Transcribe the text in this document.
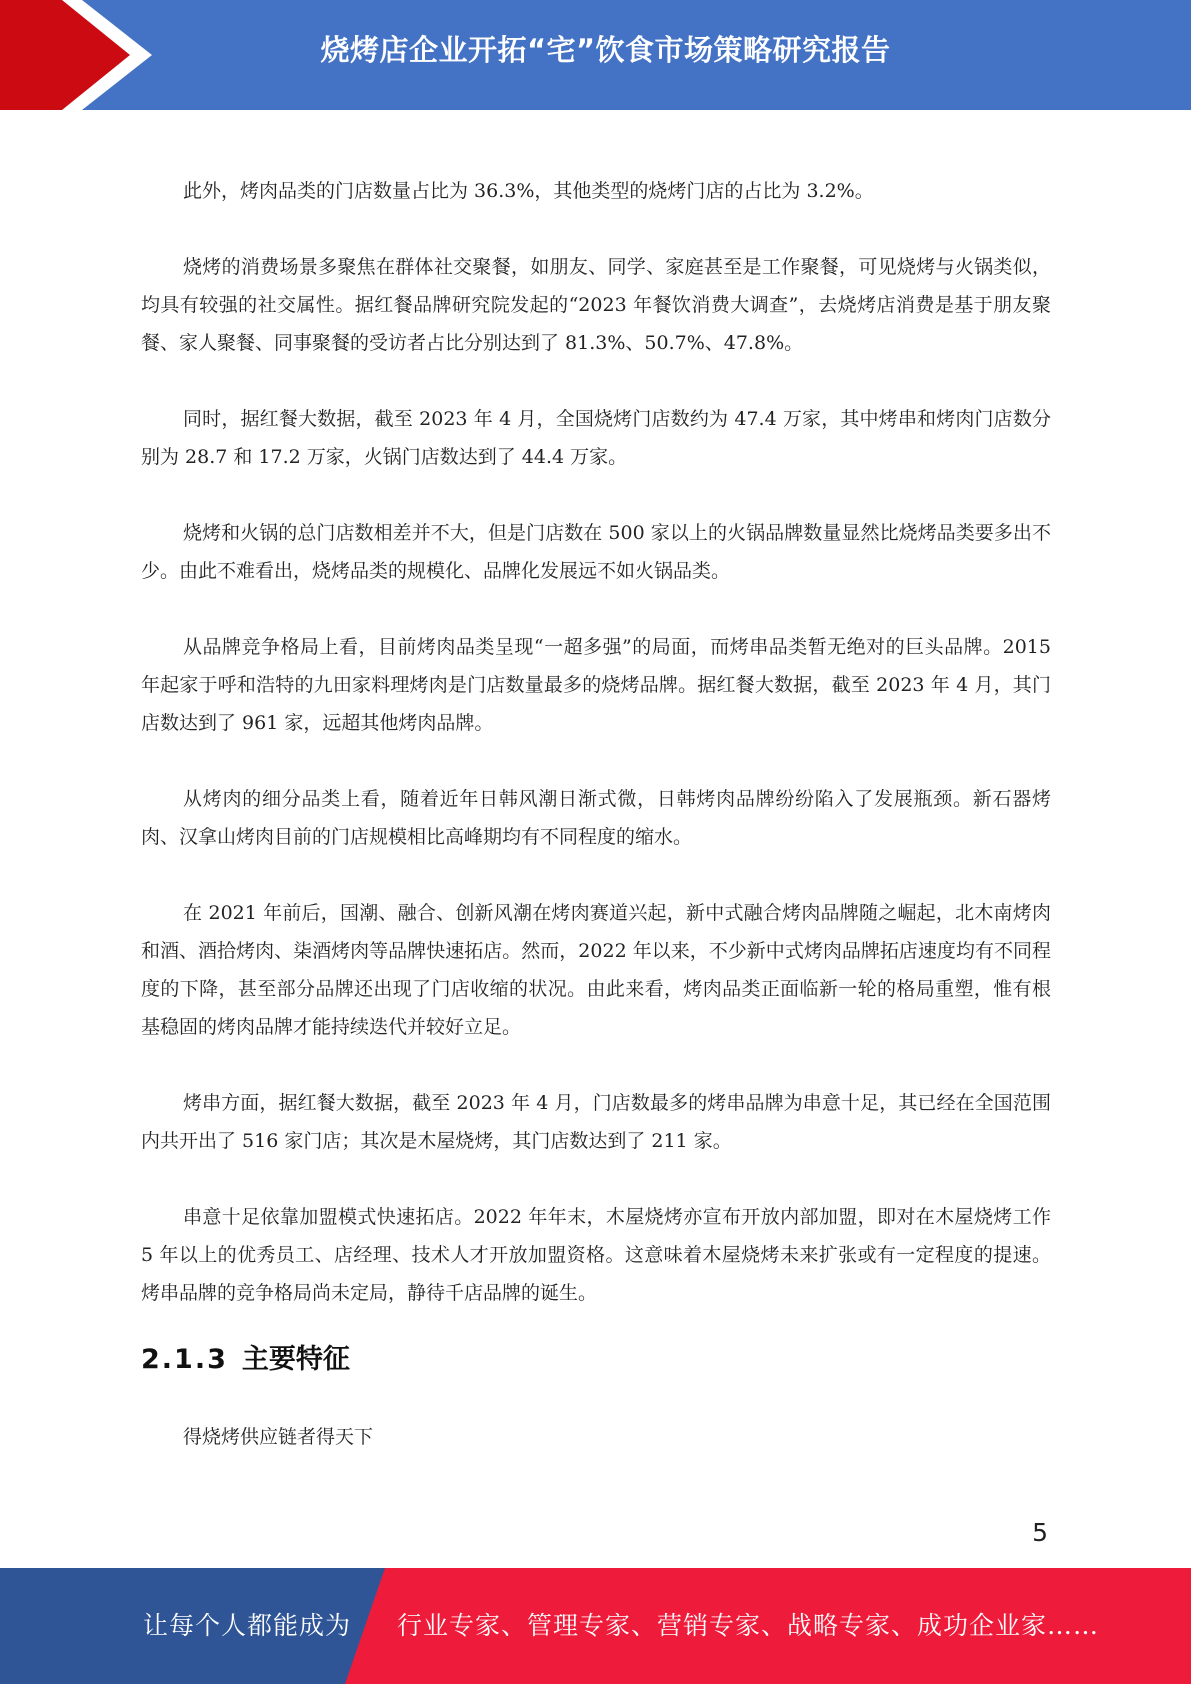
烧烤店企业开拓“宅”饮食市场策略研究报告

此外，烤肉品类的门店数量占比为 36.3%，其他类型的烧烤门店的占比为 3.2%。

烧烤的消费场景多聚焦在群体社交聚餐，如朋友、同学、家庭甚至是工作聚餐，可见烧烤与火锅类似，均具有较强的社交属性。据红餐品牌研究院发起的“2023 年餐饮消费大调查”，去烧烤店消费是基于朋友聚餐、家人聚餐、同事聚餐的受访者占比分别达到了 81.3%、50.7%、47.8%。

同时，据红餐大数据，截至 2023 年 4 月，全国烧烤门店数约为 47.4 万家，其中烤串和烤肉门店数分别为 28.7 和 17.2 万家，火锅门店数达到了 44.4 万家。

烧烤和火锅的总门店数相差并不大，但是门店数在 500 家以上的火锅品牌数量显然比烧烤品类要多出不少。由此不难看出，烧烤品类的规模化、品牌化发展远不如火锅品类。

从品牌竞争格局上看，目前烤肉品类呈现“一超多强”的局面，而烤串品类暂无绝对的巨头品牌。2015 年起家于呼和浩特的九田家料理烤肉是门店数量最多的烧烤品牌。据红餐大数据，截至 2023 年 4 月，其门店数达到了 961 家，远超其他烤肉品牌。

从烤肉的细分品类上看，随着近年日韩风潮日渐式微，日韩烤肉品牌纷纷陷入了发展瓶颈。新石器烤肉、汉拿山烤肉目前的门店规模相比高峰期均有不同程度的缩水。

在 2021 年前后，国潮、融合、创新风潮在烤肉赛道兴起，新中式融合烤肉品牌随之崛起，北木南烤肉和酒、酒拾烤肉、柒酒烤肉等品牌快速拓店。然而，2022 年以来，不少新中式烤肉品牌拓店速度均有不同程度的下降，甚至部分品牌还出现了门店收缩的状况。由此来看，烤肉品类正面临新一轮的格局重塑，惟有根基稳固的烤肉品牌才能持续迭代并较好立足。

烤串方面，据红餐大数据，截至 2023 年 4 月，门店数最多的烤串品牌为串意十足，其已经在全国范围内共开出了 516 家门店；其次是木屋烧烤，其门店数达到了 211 家。

串意十足依靠加盟模式快速拓店。2022 年年末，木屋烧烤亦宣布开放内部加盟，即对在木屋烧烤工作 5 年以上的优秀员工、店经理、技术人才开放加盟资格。这意味着木屋烧烤未来扩张或有一定程度的提速。烤串品牌的竞争格局尚未定局，静待千店品牌的诞生。

2.1.3 主要特征

得烧烤供应链者得天下

5
让每个人都能成为 行业专家、管理专家、营销专家、战略专家、成功企业家……
